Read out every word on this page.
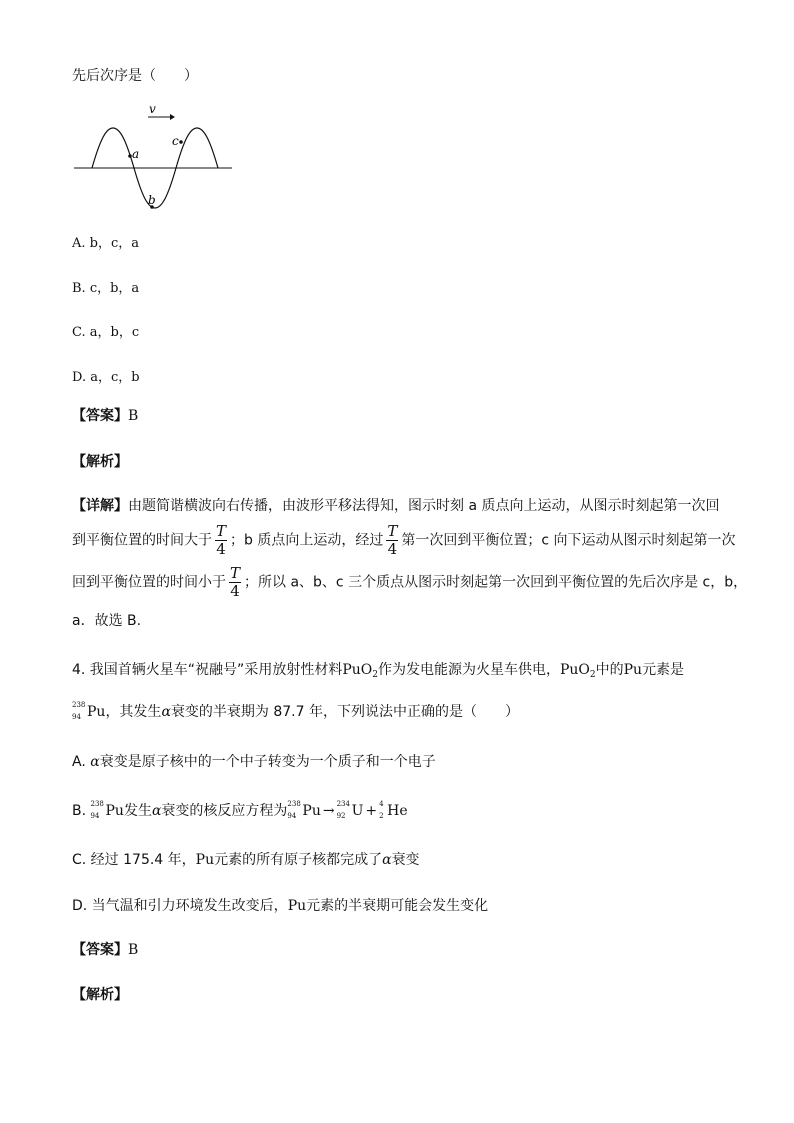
先后次序是（　　）
v
a
b
c
A. b，c，a
B. c，b，a
C. a，b，c
D. a，c，b
【答案】B
【解析】
【详解】由题简谐横波向右传播，由波形平移法得知，图示时刻 a 质点向上运动，从图示时刻起第一次回
到平衡位置的时间大于 $\frac{T}{4}$ ；b 质点向上运动，经过 $\frac{T}{4}$ 第一次回到平衡位置；c 向下运动从图示时刻起第一次
回到平衡位置的时间小于 $\frac{T}{4}$ ；所以 a、b、c 三个质点从图示时刻起第一次回到平衡位置的先后次序是 c，b，
a．故选 B.
4. 我国首辆火星车“祝融号”采用放射性材料PuO$_2$作为发电能源为火星车供电，PuO$_2$中的Pu元素是
238
94 Pu，其发生α衰变的半衰期为 87.7 年，下列说法中正确的是（　　）
A. α衰变是原子核中的一个中子转变为一个质子和一个电子
B. 238
94 Pu发生α衰变的核反应方程为 238
94 Pu → 234
92 U + 4
2 He
C. 经过 175.4 年，Pu元素的所有原子核都完成了α衰变
D. 当气温和引力环境发生改变后，Pu元素的半衰期可能会发生变化
【答案】B
【解析】
